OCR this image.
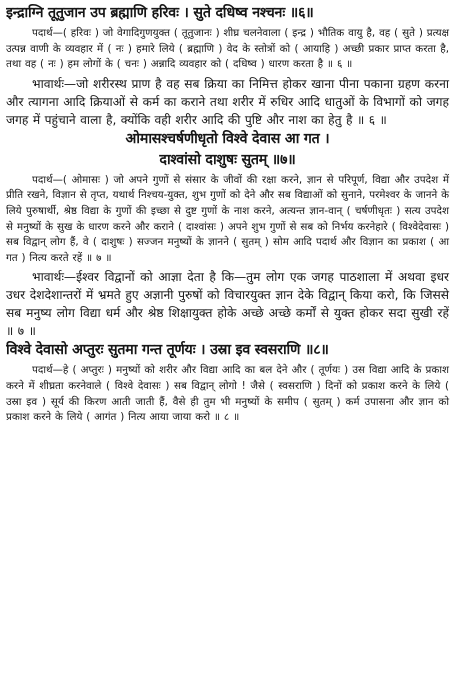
इन्द्राग्नि तूतुजान उप ब्रह्माणि हरिवः । सुते दधिष्व नश्चनः ॥६॥

पदार्थ—( हरिवः ) जो वेगादिगुणयुक्त ( तूतुजानः ) शीघ्र चलनेवाला ( इन्द्र ) भौतिक वायु है, वह ( सुते ) प्रत्यक्ष उत्पन्न वाणी के व्यवहार में ( नः ) हमारे लिये ( ब्रह्माणि ) वेद के स्तोत्रों को ( आयाहि ) अच्छी प्रकार प्राप्त करता है, तथा वह ( नः ) हम लोगों के ( चनः ) अन्नादि व्यवहार को ( दधिष्व ) धारण करता है ॥ ६ ॥

भावार्थः—जो शरीरस्थ प्राण है वह सब क्रिया का निमित्त होकर खाना पीना पकाना ग्रहण करना और त्यागना आदि क्रियाओं से कर्म का कराने तथा शरीर में रुधिर आदि धातुओं के विभागों को जगह जगह में पहुंचाने वाला है, क्योंकि वही शरीर आदि की पुष्टि और नाश का हेतु है ॥ ६ ॥

ओमासश्चर्षणीधृतो विश्वे देवास आ गत ।
दाश्वांसो दाशुषः सुतम् ॥७॥

पदार्थ—( ओमासः ) जो अपने गुणों से संसार के जीवों की रक्षा करने, ज्ञान से परिपूर्ण, विद्या और उपदेश में प्रीति रखने, विज्ञान से तृप्त, यथार्थ निश्चय-युक्त, शुभ गुणों को देने और सब विद्याओं को सुनाने, परमेश्वर के जानने के लिये पुरुषार्थी, श्रेष्ठ विद्या के गुणों की इच्छा से दुष्ट गुणों के नाश करने, अत्यन्त ज्ञान-वान् ( चर्षणीधृतः ) सत्य उपदेश से मनुष्यों के सुख के धारण करने और कराने ( दाश्वांसः ) अपने शुभ गुणों से सब को निर्भय करनेहारे ( विश्वेदेवासः ) सब विद्वान् लोग हैं, वे ( दाशुषः ) सज्जन मनुष्यों के ज्ञानने ( सुतम् ) सोम आदि पदार्थ और विज्ञान का प्रकाश ( आ गत ) नित्य करते रहें ॥ ७ ॥

भावार्थः—ईश्वर विद्वानों को आज्ञा देता है कि—तुम लोग एक जगह पाठशाला में अथवा इधर उधर देशदेशान्तरों में भ्रमते हुए अज्ञानी पुरुषों को विचारयुक्त ज्ञान देके विद्वान् किया करो, कि जिससे सब मनुष्य लोग विद्या धर्म और श्रेष्ठ शिक्षायुक्त होके अच्छे अच्छे कर्मों से युक्त होकर सदा सुखी रहें ॥ ७ ॥

विश्वे देवासो अप्तुरः सुतमा गन्त तूर्णयः । उस्रा इव स्वसराणि ॥८॥

पदार्थ—हे ( अप्तुरः ) मनुष्यों को शरीर और विद्या आदि का बल देने और ( तूर्णयः ) उस विद्या आदि के प्रकाश करने में शीघ्रता करनेवाले ( विश्वे देवासः ) सब विद्वान् लोगो ! जैसे ( स्वसराणि ) दिनों को प्रकाश करने के लिये ( उस्रा इव ) सूर्य की किरण आती जाती हैं, वैसे ही तुम भी मनुष्यों के समीप ( सुतम् ) कर्म उपासना और ज्ञान को प्रकाश करने के लिये ( आगंत ) नित्य आया जाया करो ॥ ८ ॥
